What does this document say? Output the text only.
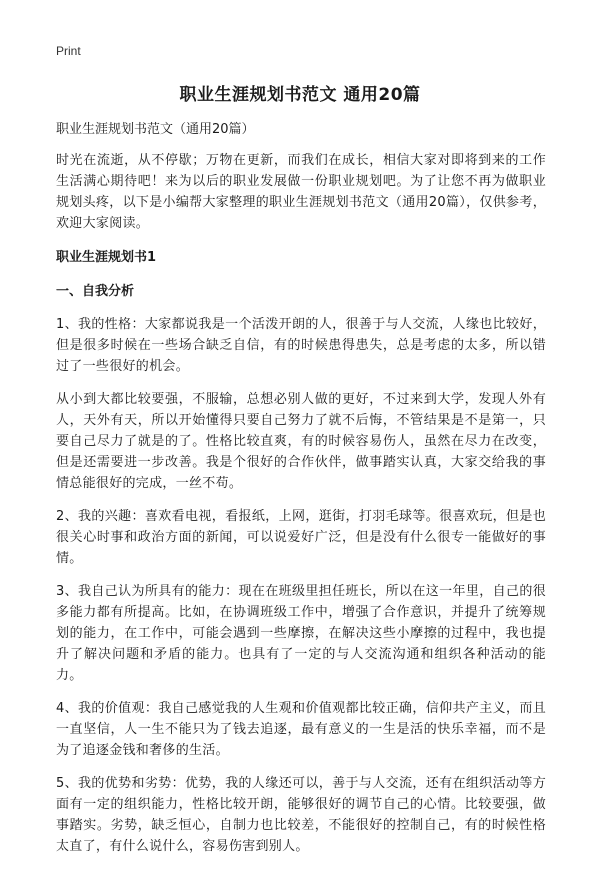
Print
职业生涯规划书范文 通用20篇
职业生涯规划书范文（通用20篇）

时光在流逝，从不停歇；万物在更新，而我们在成长，相信大家对即将到来的工作生活满心期待吧！来为以后的职业发展做一份职业规划吧。为了让您不再为做职业规划头疼，以下是小编帮大家整理的职业生涯规划书范文（通用20篇），仅供参考，欢迎大家阅读。

职业生涯规划书1
一、自我分析

1、我的性格：大家都说我是一个活泼开朗的人，很善于与人交流，人缘也比较好，但是很多时候在一些场合缺乏自信，有的时候患得患失，总是考虑的太多，所以错过了一些很好的机会。

从小到大都比较要强，不服输，总想必别人做的更好，不过来到大学，发现人外有人，天外有天，所以开始懂得只要自己努力了就不后悔，不管结果是不是第一，只要自己尽力了就是的了。性格比较直爽，有的时候容易伤人，虽然在尽力在改变，但是还需要进一步改善。我是个很好的合作伙伴，做事踏实认真，大家交给我的事情总能很好的完成，一丝不苟。

2、我的兴趣：喜欢看电视，看报纸，上网，逛街，打羽毛球等。很喜欢玩，但是也很关心时事和政治方面的新闻，可以说爱好广泛，但是没有什么很专一能做好的事情。

3、我自己认为所具有的能力：现在在班级里担任班长，所以在这一年里，自己的很多能力都有所提高。比如，在协调班级工作中，增强了合作意识，并提升了统筹规划的能力，在工作中，可能会遇到一些摩擦，在解决这些小摩擦的过程中，我也提升了解决问题和矛盾的能力。也具有了一定的与人交流沟通和组织各种活动的能力。

4、我的价值观：我自己感觉我的人生观和价值观都比较正确，信仰共产主义，而且一直坚信，人一生不能只为了钱去追逐，最有意义的一生是活的快乐幸福，而不是为了追逐金钱和奢侈的生活。

5、我的优势和劣势：优势，我的人缘还可以，善于与人交流，还有在组织活动等方面有一定的组织能力，性格比较开朗，能够很好的调节自己的心情。比较要强，做事踏实。劣势，缺乏恒心，自制力也比较差，不能很好的控制自己，有的时候性格太直了，有什么说什么，容易伤害到别人。
